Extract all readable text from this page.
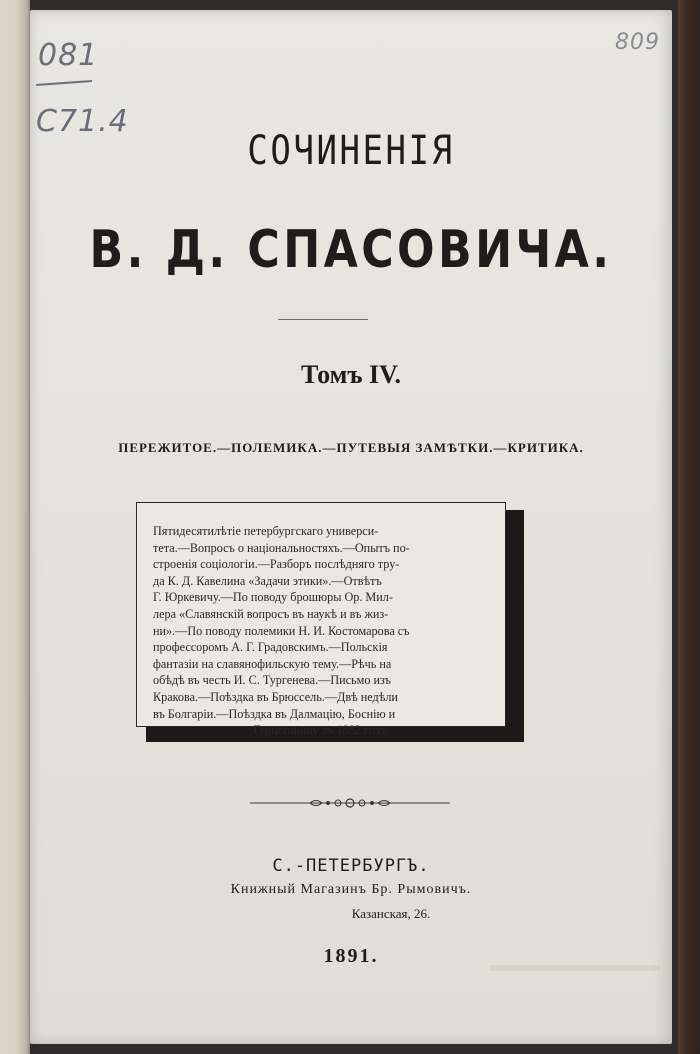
081
С71.4
809
СОЧИНЕНІЯ
В. Д. СПАСОВИЧА.
Томъ IV.
ПЕРЕЖИТОЕ.—ПОЛЕМИКА.—ПУТЕВЫЯ ЗАМѢТКИ.—КРИТИКА.

Пятидесятилѣтіе петербургскаго универси-

тета.—Вопросъ о національностяхъ.—Опытъ по-

строенія соціологіи.—Разборъ послѣдняго тру-

да К. Д. Кавелина «Задачи этики».—Отвѣтъ

Г. Юркевичу.—По поводу брошюры Ор. Мил-

лера «Славянскій вопросъ въ наукѣ и въ жиз-

ни».—По поводу полемики Н. И. Костомарова съ

профессоромъ А. Г. Градовскимъ.—Польскія

фантазіи на славянофильскую тему.—Рѣчь на

обѣдѣ въ честь И. С. Тургенева.—Письмо изъ

Кракова.—Поѣздка въ Брюссель.—Двѣ недѣли

въ Болгаріи.—Поѣздка въ Далмацію, Боснію и

Герцеговину въ 1882 году.

С.-ПЕТЕРБУРГЪ.
Книжный Магазинъ Бр. Рымовичъ.
Казанская, 26.
1891.
